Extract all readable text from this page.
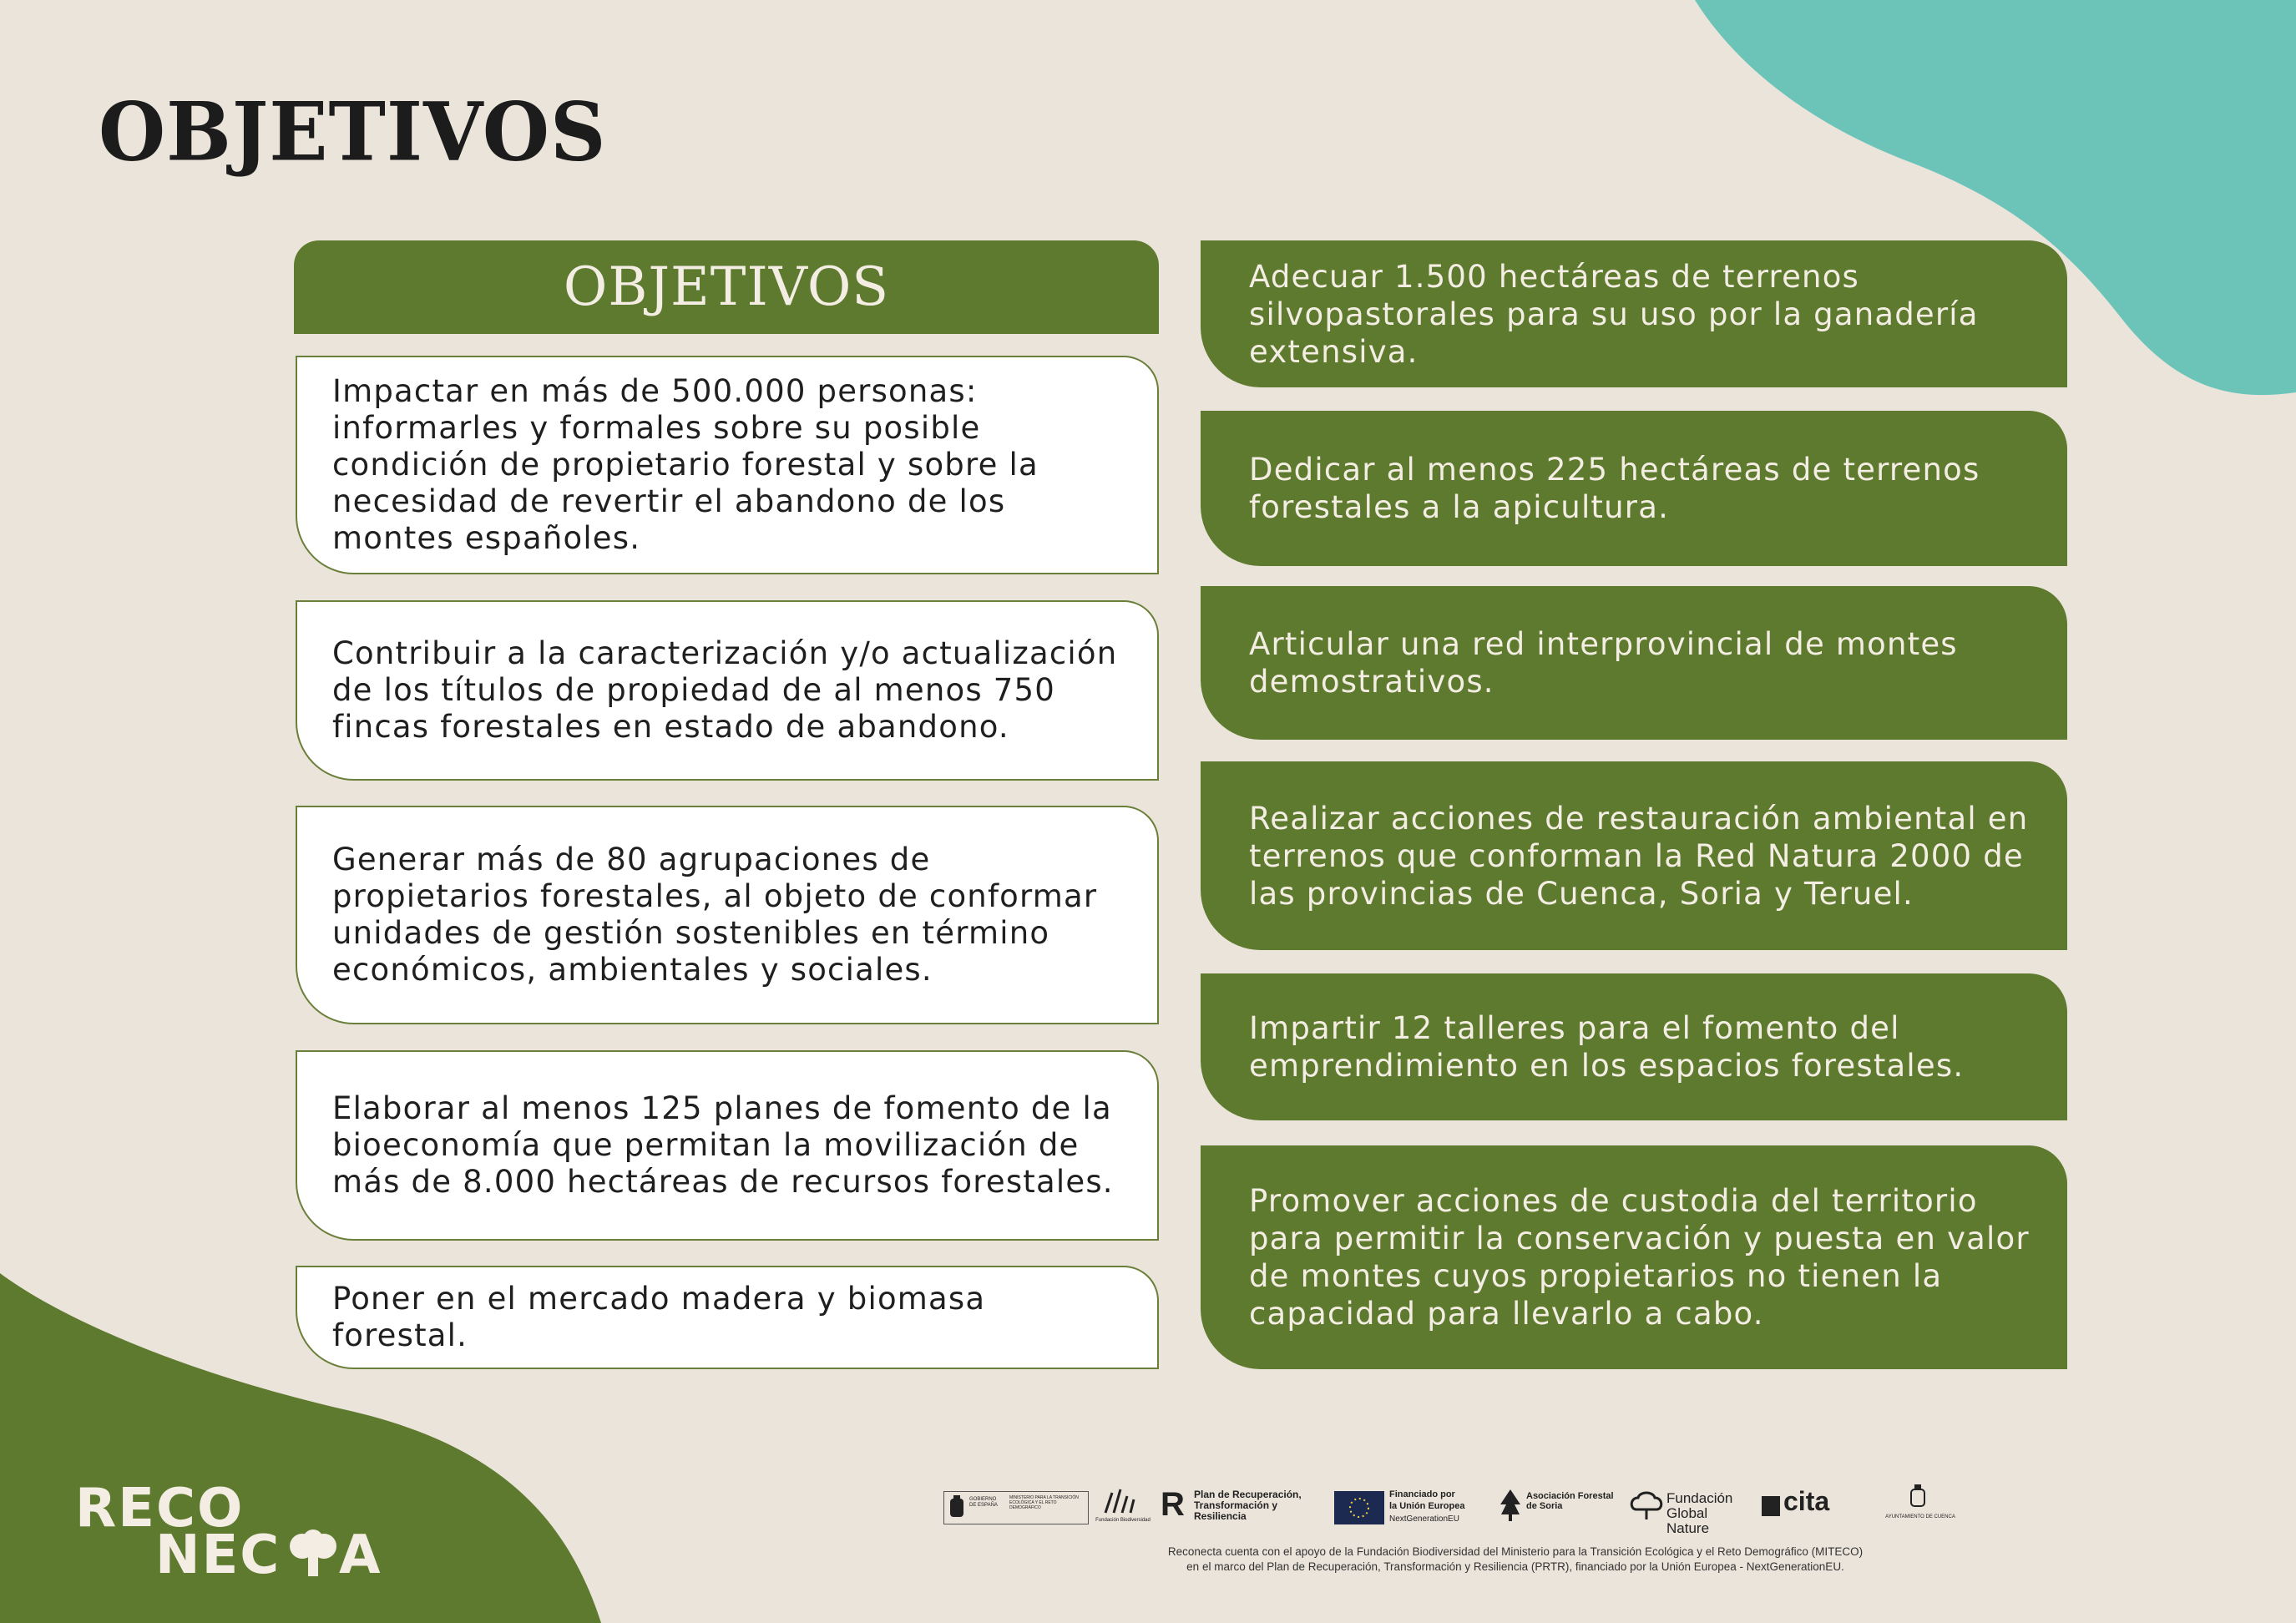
OBJETIVOS
OBJETIVOS
Impactar en más de 500.000 personas: informarles y formales sobre su posible condición de propietario forestal y sobre la necesidad de revertir el abandono de los montes españoles.
Contribuir a la caracterización y/o actualización de los títulos de propiedad de al menos 750 fincas forestales en estado de abandono.
Generar más de 80 agrupaciones de propietarios forestales, al objeto de conformar unidades de gestión sostenibles en término económicos, ambientales y sociales.
Elaborar al menos 125 planes de fomento de la bioeconomía que permitan la movilización de más de 8.000 hectáreas de recursos forestales.
Poner en el mercado madera y biomasa forestal.
Adecuar 1.500 hectáreas de terrenos silvopastorales para su uso por la ganadería extensiva.
Dedicar al menos 225 hectáreas de terrenos forestales a la apicultura.
Articular una red interprovincial de montes demostrativos.
Realizar acciones de restauración ambiental en terrenos que conforman la Red Natura 2000 de las provincias de Cuenca, Soria y Teruel.
Impartir 12 talleres para el fomento del emprendimiento en los espacios forestales.
Promover acciones de custodia del territorio para permitir la conservación y puesta en valor de montes cuyos propietarios no tienen la capacidad para llevarlo a cabo.
RECO
NEC A
GOBIERNO DE ESPAÑA
MINISTERIO PARA LA TRANSICIÓN ECOLÓGICA Y EL RETO DEMOGRÁFICO
Fundación Biodiversidad R Plan de Recuperación, Transformación y Resiliencia
Financiado por
la Unión Europea
NextGenerationEU
Asociación Forestal de Soria	Fundación Global Nature
cita
AYUNTAMIENTO DE CUENCA
Reconecta cuenta con el apoyo de la Fundación Biodiversidad del Ministerio para la Transición Ecológica y el Reto Demográfico (MITECO)
en el marco del Plan de Recuperación, Transformación y Resiliencia (PRTR), financiado por la Unión Europea - NextGenerationEU.
